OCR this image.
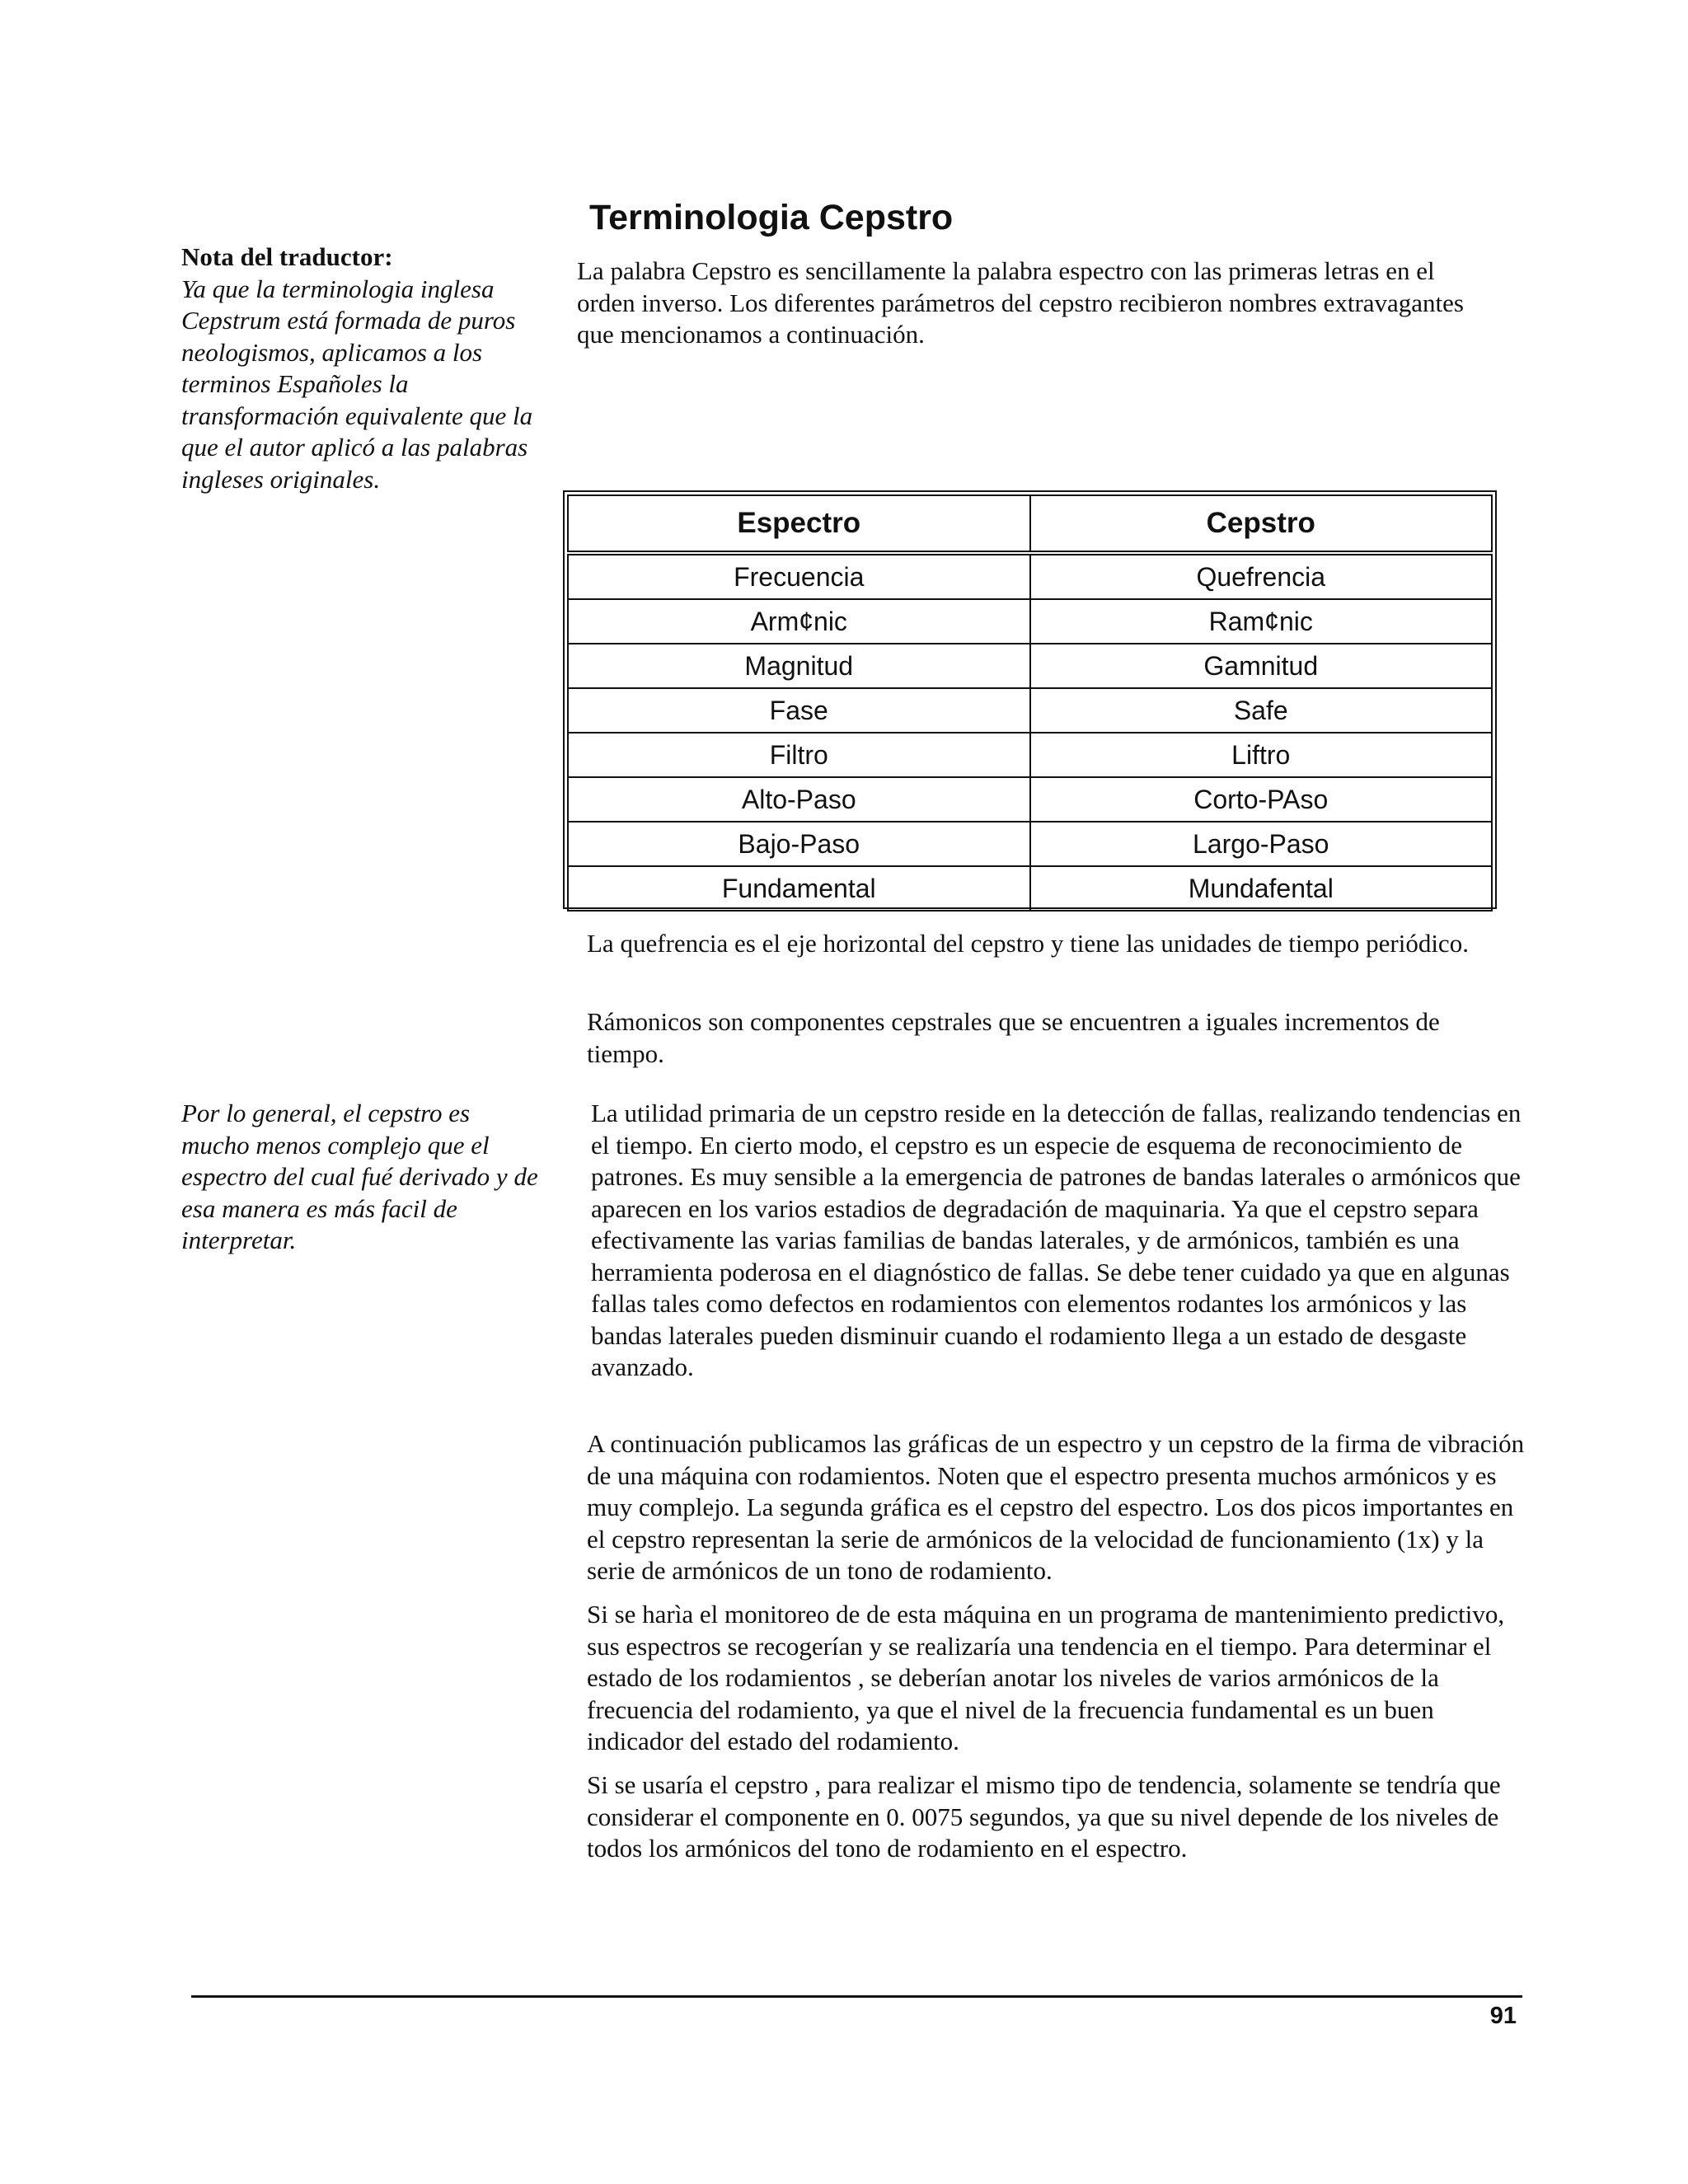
Terminologia Cepstro
Nota del traductor:
Ya que la terminologia inglesa Cepstrum está formada de puros neologismos, aplicamos a los terminos Españoles la transformación equivalente que la que el autor aplicó a las palabras ingleses originales.

La palabra Cepstro es sencillamente la palabra espectro con las primeras letras en el orden inverso. Los diferentes parámetros del cepstro recibieron nombres extravagantes que mencionamos a continuación.

Espectro	Cepstro
Frecuencia	Quefrencia
Arm¢nic	Ram¢nic
Magnitud	Gamnitud
Fase	Safe
Filtro	Liftro
Alto-Paso	Corto-PAso
Bajo-Paso	Largo-Paso
Fundamental	Mundafental

La quefrencia es el eje horizontal del cepstro y tiene las unidades de tiempo periódico.

Rámonicos son componentes cepstrales que se encuentren a iguales incrementos de tiempo.

Por lo general, el cepstro es mucho menos complejo que el espectro del cual fué derivado y de esa manera es más facil de interpretar.

La utilidad primaria de un cepstro reside en la detección de fallas, realizando tendencias en el tiempo. En cierto modo, el cepstro es un especie de esquema de reconocimiento de patrones. Es muy sensible a la emergencia de patrones de bandas laterales o armónicos que aparecen en los varios estadios de degradación de maquinaria. Ya que el cepstro separa efectivamente las varias familias de bandas laterales, y de armónicos, también es una herramienta poderosa en el diagnóstico de fallas. Se debe tener cuidado ya que en algunas fallas tales como defectos en rodamientos con elementos rodantes los armónicos y las bandas laterales pueden disminuir cuando el rodamiento llega a un estado de desgaste avanzado.

A continuación publicamos las gráficas de un espectro y un cepstro de la firma de vibración de una máquina con rodamientos. Noten que el espectro presenta muchos armónicos y es muy complejo. La segunda gráfica es el cepstro del espectro. Los dos picos importantes en el cepstro representan la serie de armónicos de la velocidad de funcionamiento (1x) y la serie de armónicos de un tono de rodamiento.

Si se harìa el monitoreo de de esta máquina en un programa de mantenimiento predictivo, sus espectros se recogerían y se realizaría una tendencia en el tiempo. Para determinar el estado de los rodamientos , se deberían anotar los niveles de varios armónicos de la frecuencia del rodamiento, ya que el nivel de la frecuencia fundamental es un buen indicador del estado del rodamiento.

Si se usaría el cepstro , para realizar el mismo tipo de tendencia, solamente se tendría que considerar el componente en 0. 0075 segundos, ya que su nivel depende de los niveles de todos los armónicos del tono de rodamiento en el espectro.

91
